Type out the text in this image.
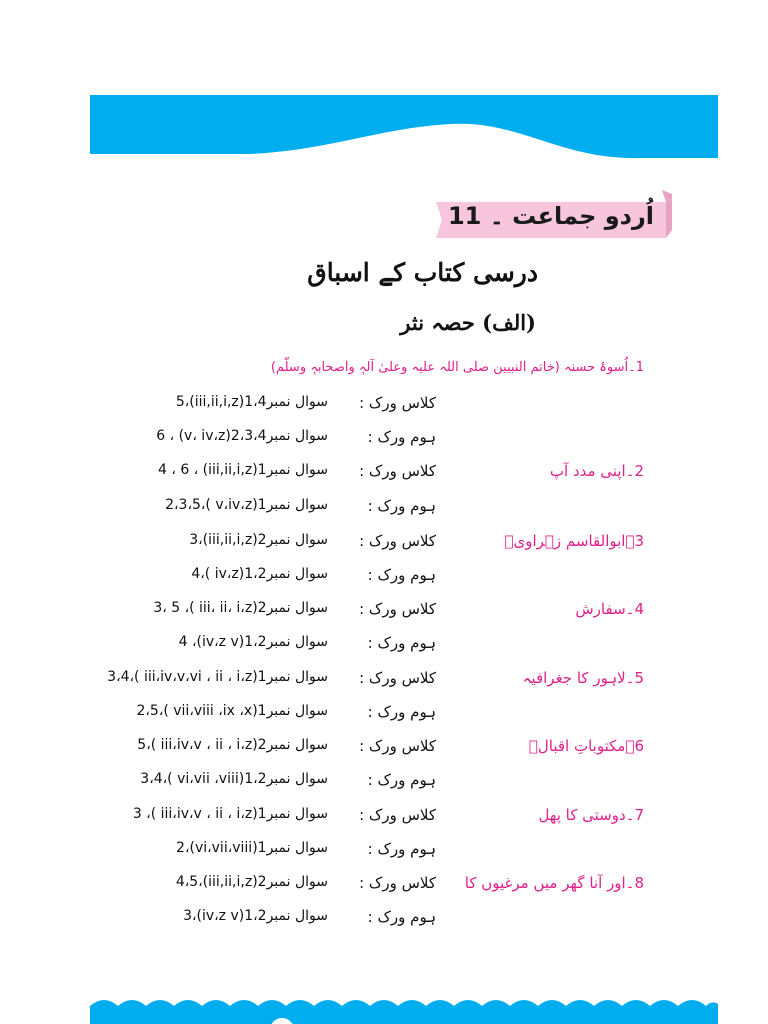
اُردو جماعت ۔ 11
درسی کتاب کے اسباق
(الف) حصہ نثر
1۔اُسوۂ حسنہ (خاتم النبیین صلی اللہ علیہ وعلیٰ آلہٖ واصحابہٖ وسلّم)
کلاس ورک :
سوال نمبر1،4(iii,ii,i,z)،5
ہوم ورک :
سوال نمبر2،3،4(v، iv،z) ، 6
2۔اپنی مدد آپ
کلاس ورک :
سوال نمبر1(iii,ii,i,z) ، 4 ، 6
ہوم ورک :
سوال نمبر1(v،iv،z )،2،3،5
3۔ابوالقاسم زہراویؒ
کلاس ورک :
سوال نمبر2(iii,ii,i,z)،3
ہوم ورک :
سوال نمبر1،2(iv،z )،4
4۔سفارش
کلاس ورک :
سوال نمبر2(iii، ii، i،z )، 3، 5
ہوم ورک :
سوال نمبر1،2(iv،z v)، 4
5۔لاہور کا جغرافیہ
کلاس ورک :
سوال نمبر1(iii،iv،v،vi ، ii ، i،z )،3،4
ہوم ورک :
سوال نمبر1(vii،viii ،ix ،x )،2،5
6۔مکتوباتِ اقبالؒ
کلاس ورک :
سوال نمبر2(iii،iv،v ، ii ، i،z )،5
ہوم ورک :
سوال نمبر1،2(vi،vii ،viii )،3،4
7۔دوستی کا پھل
کلاس ورک :
سوال نمبر1(iii،iv،v ، ii ، i،z )، 3
ہوم ورک :
سوال نمبر1(vi،vii،viii)،2
8۔اور آنا گھر میں مرغیوں کا
کلاس ورک :
سوال نمبر2(iii,ii,i,z)،4،5
ہوم ورک :
سوال نمبر1،2(iv،z v)،3
